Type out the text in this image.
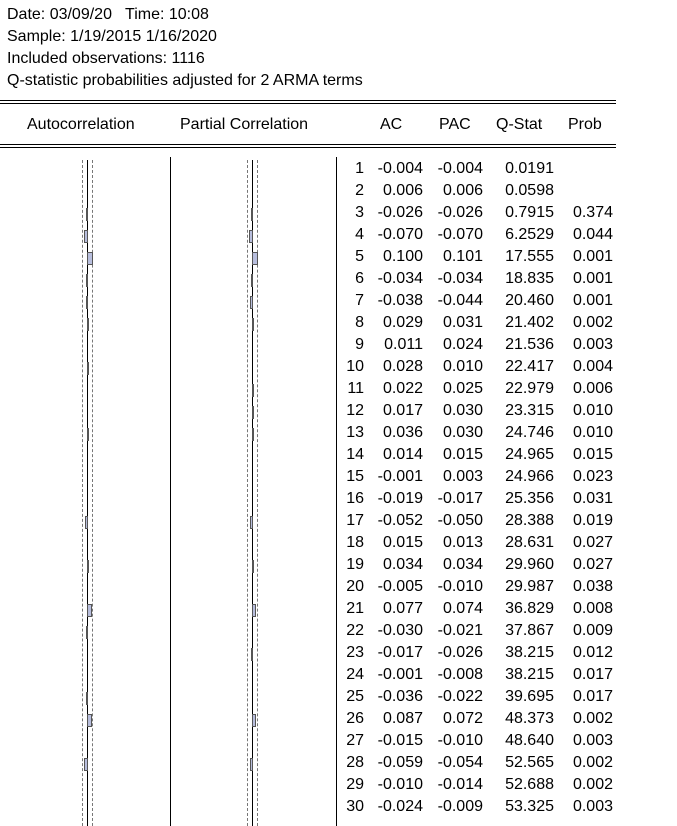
Date: 03/09/20   Time: 10:08
Sample: 1/19/2015 1/16/2020
Included observations: 1116
Q-statistic probabilities adjusted for 2 ARMA terms
Autocorrelation	Partial Correlation	AC PAC Q-Stat Prob
1 -0.004 -0.004	0.0191
2	0.006	0.006	0.0598
3 -0.026 -0.026	0.7915	0.374
4 -0.070 -0.070	6.2529	0.044
5	0.100	0.101	17.555	0.001
6 -0.034 -0.034	18.835	0.001
7 -0.038 -0.044	20.460	0.001
8	0.029	0.031	21.402	0.002
9	0.011	0.024	21.536	0.003
10	0.028	0.010	22.417	0.004
11	0.022	0.025	22.979	0.006
12	0.017	0.030	23.315	0.010
13	0.036	0.030	24.746	0.010
14	0.014	0.015	24.965	0.015
15 -0.001	0.003	24.966	0.023
16 -0.019 -0.017	25.356	0.031
17 -0.052 -0.050	28.388	0.019
18	0.015	0.013	28.631	0.027
19	0.034	0.034	29.960	0.027
20 -0.005 -0.010	29.987	0.038
21	0.077	0.074	36.829	0.008
22 -0.030 -0.021	37.867	0.009
23 -0.017 -0.026	38.215	0.012
24 -0.001 -0.008	38.215	0.017
25 -0.036 -0.022	39.695	0.017
26	0.087	0.072	48.373	0.002
27 -0.015 -0.010	48.640	0.003
28 -0.059 -0.054	52.565	0.002
29 -0.010 -0.014	52.688	0.002
30 -0.024 -0.009	53.325	0.003
